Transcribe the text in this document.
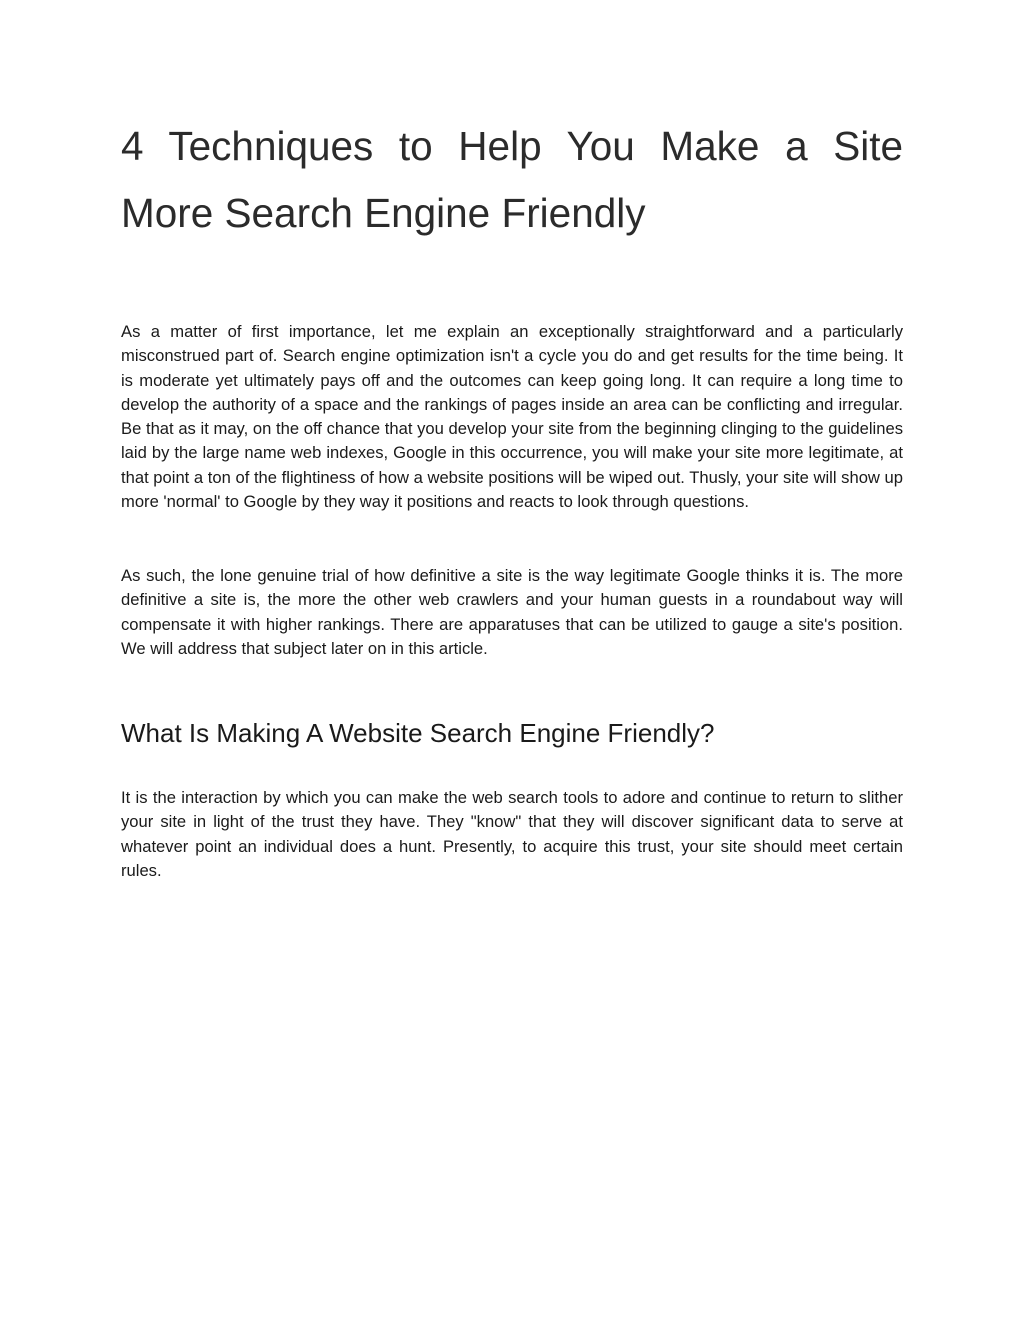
4 Techniques to Help You Make a Site More Search Engine Friendly

As a matter of first importance, let me explain an exceptionally straightforward and a particularly misconstrued part of. Search engine optimization isn't a cycle you do and get results for the time being. It is moderate yet ultimately pays off and the outcomes can keep going long. It can require a long time to develop the authority of a space and the rankings of pages inside an area can be conflicting and irregular. Be that as it may, on the off chance that you develop your site from the beginning clinging to the guidelines laid by the large name web indexes, Google in this occurrence, you will make your site more legitimate, at that point a ton of the flightiness of how a website positions will be wiped out. Thusly, your site will show up more 'normal' to Google by they way it positions and reacts to look through questions.

As such, the lone genuine trial of how definitive a site is the way legitimate Google thinks it is. The more definitive a site is, the more the other web crawlers and your human guests in a roundabout way will compensate it with higher rankings. There are apparatuses that can be utilized to gauge a site's position. We will address that subject later on in this article.

What Is Making A Website Search Engine Friendly?

It is the interaction by which you can make the web search tools to adore and continue to return to slither your site in light of the trust they have. They "know" that they will discover significant data to serve at whatever point an individual does a hunt. Presently, to acquire this trust, your site should meet certain rules.
